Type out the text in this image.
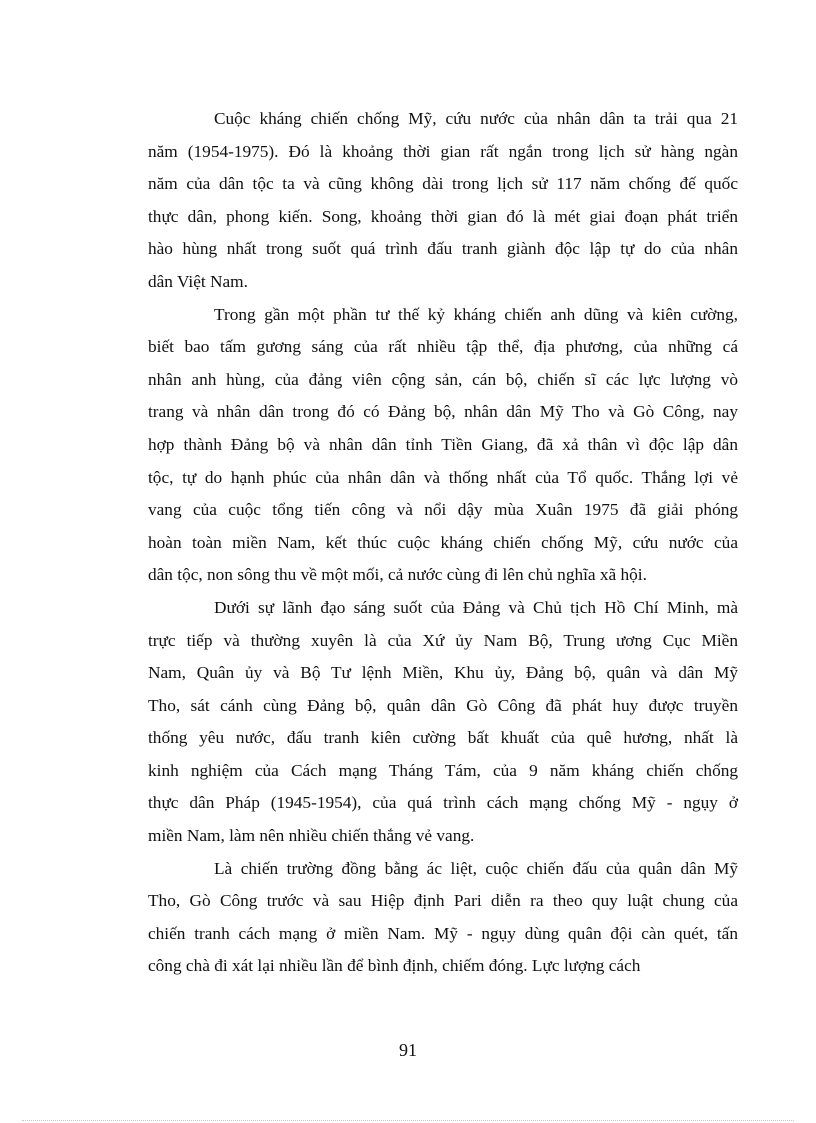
Cuộc kháng chiến chống Mỹ, cứu nước của nhân dân ta trải qua 21
năm (1954-1975). Đó là khoảng thời gian rất ngắn trong lịch sử hàng ngàn
năm của dân tộc ta và cũng không dài trong lịch sử 117 năm chống đế quốc
thực dân, phong kiến. Song, khoảng thời gian đó là mét giai đoạn phát triển
hào hùng nhất trong suốt quá trình đấu tranh giành độc lập tự do của nhân
dân Việt Nam.
Trong gần một phần tư thế kỷ kháng chiến anh dũng và kiên cường,
biết bao tấm gương sáng của rất nhiều tập thể, địa phương, của những cá
nhân anh hùng, của đảng viên cộng sản, cán bộ, chiến sĩ các lực lượng vò
trang và nhân dân trong đó có Đảng bộ, nhân dân Mỹ Tho và Gò Công, nay
hợp thành Đảng bộ và nhân dân tỉnh Tiền Giang, đã xả thân vì độc lập dân
tộc, tự do hạnh phúc của nhân dân và thống nhất của Tổ quốc. Thắng lợi vẻ
vang của cuộc tổng tiến công và nổi dậy mùa Xuân 1975 đã giải phóng
hoàn toàn miền Nam, kết thúc cuộc kháng chiến chống Mỹ, cứu nước của
dân tộc, non sông thu về một mối, cả nước cùng đi lên chủ nghĩa xã hội.
Dưới sự lãnh đạo sáng suốt của Đảng và Chủ tịch Hồ Chí Minh, mà
trực tiếp và thường xuyên là của Xứ ủy Nam Bộ, Trung ương Cục Miền
Nam, Quân ủy và Bộ Tư lệnh Miền, Khu ủy, Đảng bộ, quân và dân Mỹ
Tho, sát cánh cùng Đảng bộ, quân dân Gò Công đã phát huy được truyền
thống yêu nước, đấu tranh kiên cường bất khuất của quê hương, nhất là
kinh nghiệm của Cách mạng Tháng Tám, của 9 năm kháng chiến chống
thực dân Pháp (1945-1954), của quá trình cách mạng chống Mỹ - ngụy ở
miền Nam, làm nên nhiều chiến thắng vẻ vang.
Là chiến trường đồng bằng ác liệt, cuộc chiến đấu của quân dân Mỹ
Tho, Gò Công trước và sau Hiệp định Pari diễn ra theo quy luật chung của
chiến tranh cách mạng ở miền Nam. Mỹ - ngụy dùng quân đội càn quét, tấn
công chà đi xát lại nhiều lần để bình định, chiếm đóng. Lực lượng cách
91
